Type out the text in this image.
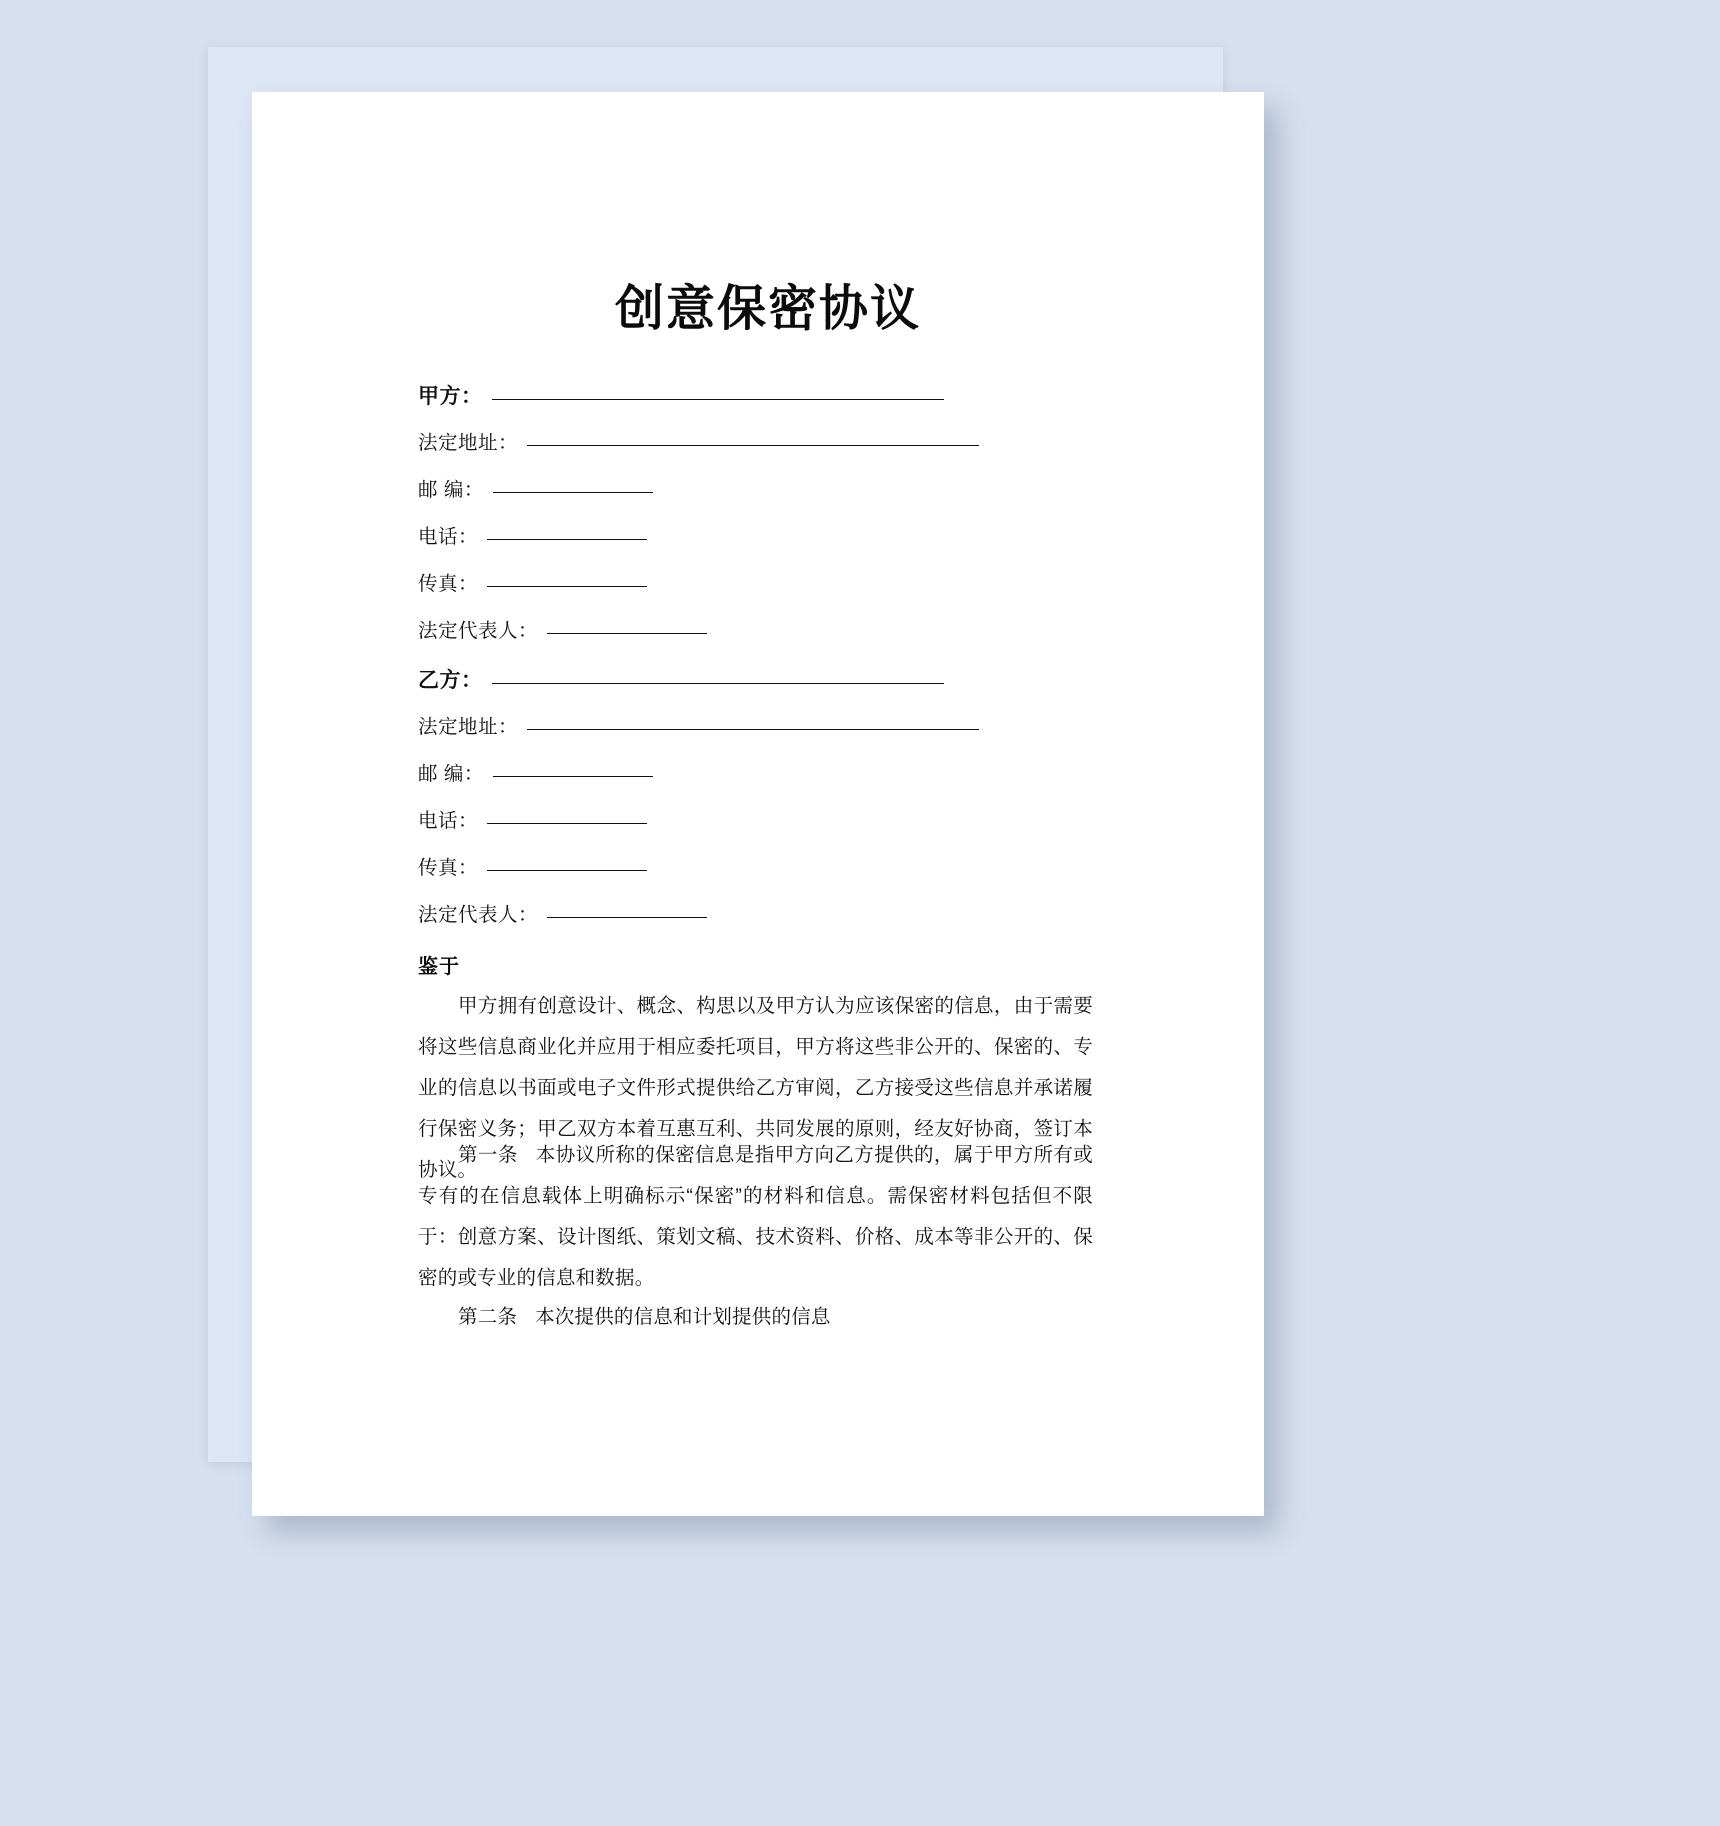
创意保密协议
甲方：
法定地址：
邮 编：
电话：
传真：
法定代表人：
乙方：
法定地址：
邮 编：
电话：
传真：
法定代表人：
鉴于
甲方拥有创意设计、概念、构思以及甲方认为应该保密的信息，由于需要将这些信息商业化并应用于相应委托项目，甲方将这些非公开的、保密的、专业的信息以书面或电子文件形式提供给乙方审阅，乙方接受这些信息并承诺履行保密义务；甲乙双方本着互惠互利、共同发展的原则，经友好协商，签订本协议。
第一条 本协议所称的保密信息是指甲方向乙方提供的，属于甲方所有或专有的在信息载体上明确标示“保密”的材料和信息。需保密材料包括但不限于：创意方案、设计图纸、策划文稿、技术资料、价格、成本等非公开的、保密的或专业的信息和数据。
第二条 本次提供的信息和计划提供的信息
